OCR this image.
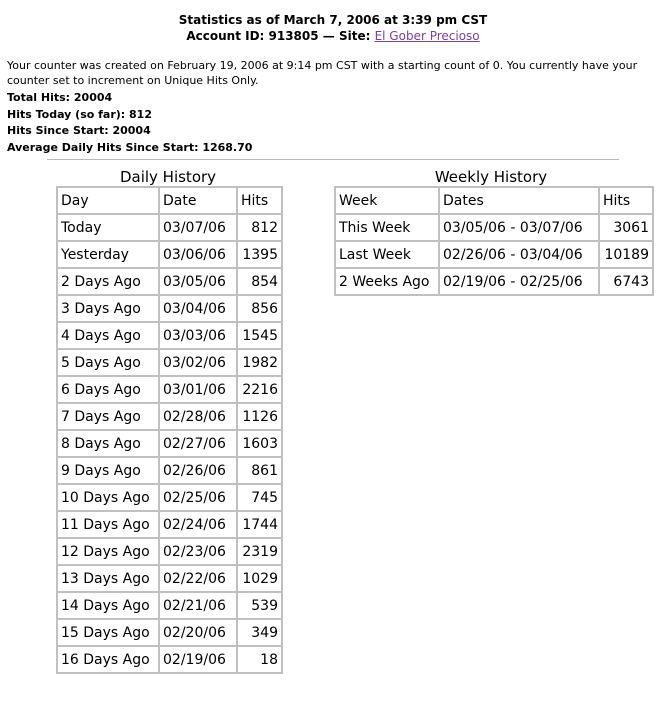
Statistics as of March 7, 2006 at 3:39 pm CST
Account ID: 913805 — Site: El Gober Precioso
Your counter was created on February 19, 2006 at 9:14 pm CST with a starting count of 0. You currently have your counter set to increment on Unique Hits Only.
Total Hits: 20004
Hits Today (so far): 812
Hits Since Start: 20004
Average Daily Hits Since Start: 1268.70
Daily History
Day	Date	Hits
Today	03/07/06	812
Yesterday	03/06/06	1395
2 Days Ago	03/05/06	854
3 Days Ago	03/04/06	856
4 Days Ago	03/03/06	1545
5 Days Ago	03/02/06	1982
6 Days Ago	03/01/06	2216
7 Days Ago	02/28/06	1126
8 Days Ago	02/27/06	1603
9 Days Ago	02/26/06	861
10 Days Ago	02/25/06	745
11 Days Ago	02/24/06	1744
12 Days Ago	02/23/06	2319
13 Days Ago	02/22/06	1029
14 Days Ago	02/21/06	539
15 Days Ago	02/20/06	349
16 Days Ago	02/19/06	18
Weekly History
Week	Dates	Hits
This Week	03/05/06 - 03/07/06	3061
Last Week	02/26/06 - 03/04/06	10189
2 Weeks Ago	02/19/06 - 02/25/06	6743
